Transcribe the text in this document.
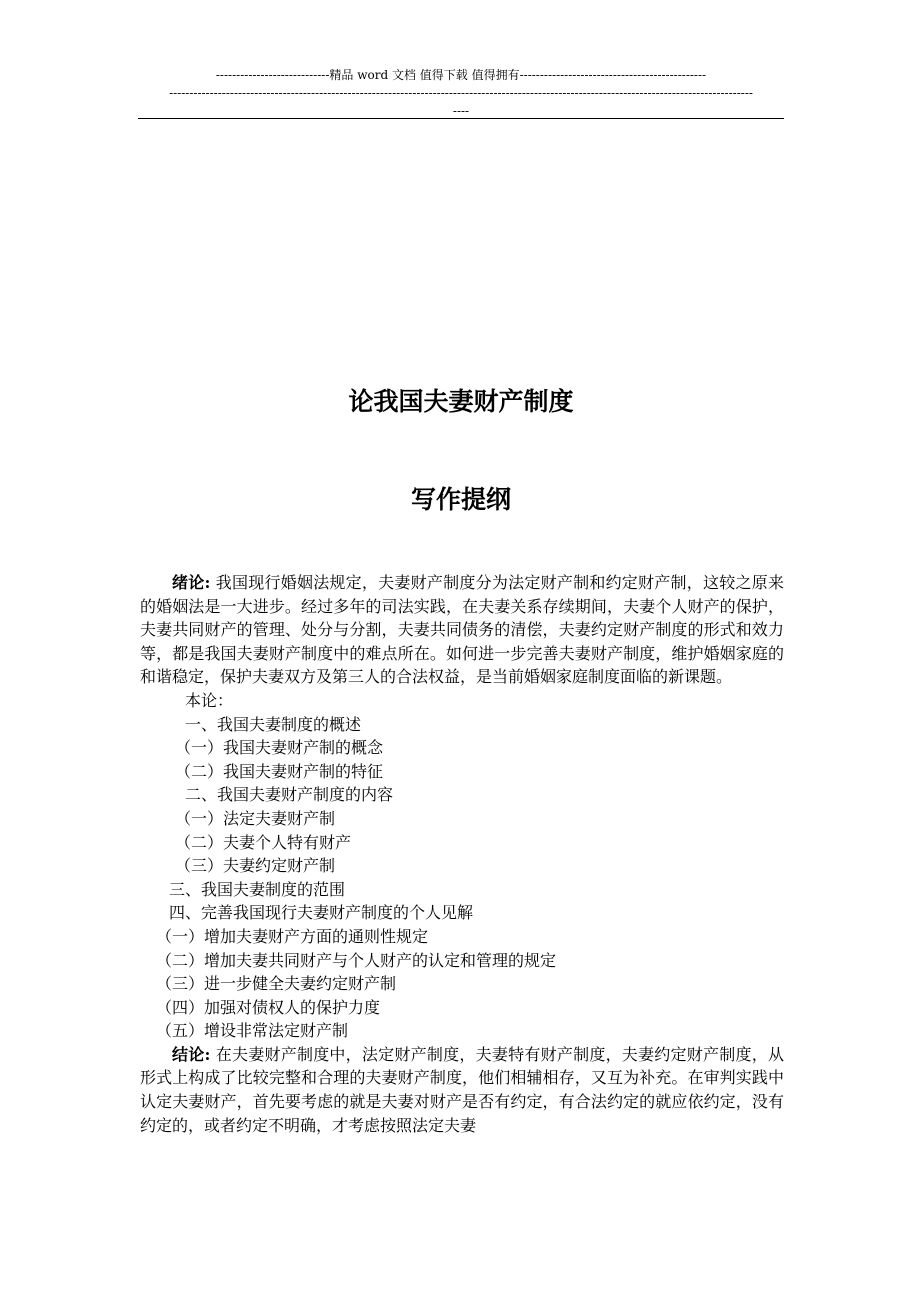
----------------------------精品 word 文档 值得下载 值得拥有----------------------------------------------
------------------------------------------------------------------------------------------------------------------------------------------------
----
论我国夫妻财产制度
写作提纲

绪论: 我国现行婚姻法规定，夫妻财产制度分为法定财产制和约定财产制，这较之原来的婚姻法是一大进步。经过多年的司法实践，在夫妻关系存续期间，夫妻个人财产的保护，夫妻共同财产的管理、处分与分割，夫妻共同债务的清偿，夫妻约定财产制度的形式和效力等，都是我国夫妻财产制度中的难点所在。如何进一步完善夫妻财产制度，维护婚姻家庭的和谐稳定，保护夫妻双方及第三人的合法权益，是当前婚姻家庭制度面临的新课题。

本论：

一、我国夫妻制度的概述

（一）我国夫妻财产制的概念

（二）我国夫妻财产制的特征

二、我国夫妻财产制度的内容

（一）法定夫妻财产制

（二）夫妻个人特有财产

（三）夫妻约定财产制

三、我国夫妻制度的范围

四、完善我国现行夫妻财产制度的个人见解

（一）增加夫妻财产方面的通则性规定

（二）增加夫妻共同财产与个人财产的认定和管理的规定

（三）进一步健全夫妻约定财产制

（四）加强对债权人的保护力度

（五）增设非常法定财产制

结论: 在夫妻财产制度中，法定财产制度，夫妻特有财产制度，夫妻约定财产制度，从形式上构成了比较完整和合理的夫妻财产制度，他们相辅相存，又互为补充。在审判实践中认定夫妻财产，首先要考虑的就是夫妻对财产是否有约定，有合法约定的就应依约定，没有约定的，或者约定不明确，才考虑按照法定夫妻
